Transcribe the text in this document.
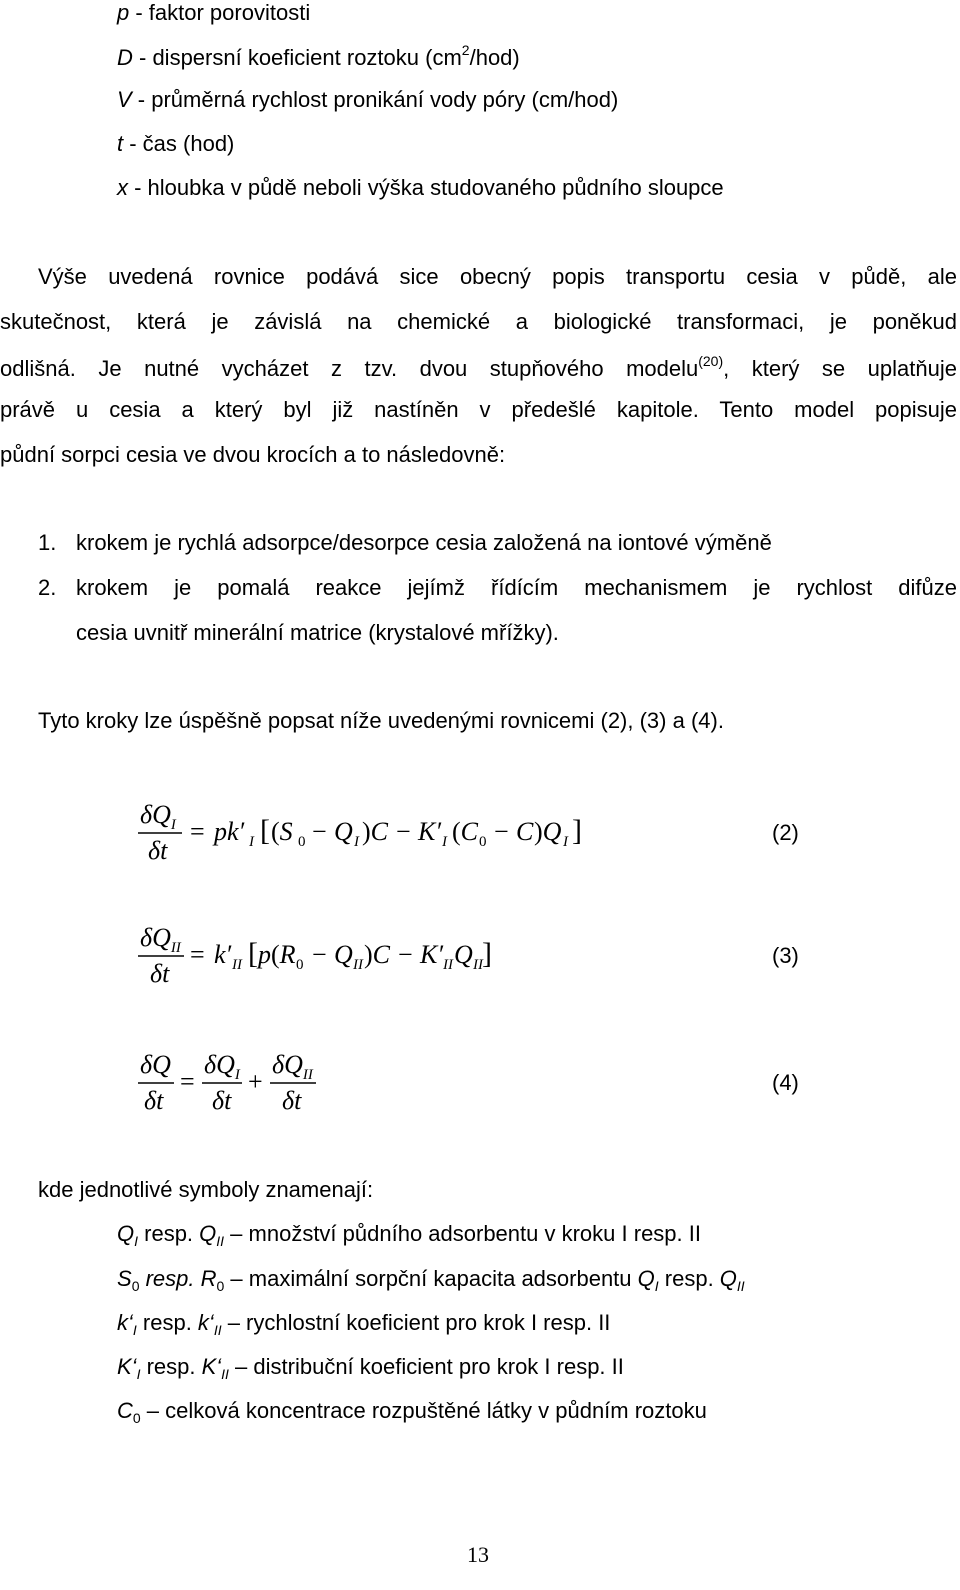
p - faktor porovitosti
D - dispersní koeficient roztoku $(cm^2/hod)$
V - průměrná rychlost pronikání vody póry (cm/hod)
t - čas (hod)
x - hloubka v půdě neboli výška studovaného půdního sloupce
Výše uvedená rovnice podává sice obecný popis transportu cesia v půdě, ale
skutečnost, která je závislá na chemické a biologické transformaci, je poněkud
odlišná. Je nutné vycházet z tzv. dvou stupňového modelu$^{(20)}$, který se uplatňuje
právě u cesia a který byl již nastíněn v předešlé kapitole. Tento model popisuje
půdní sorpci cesia ve dvou krocích a to následovně:
1. krokem je rychlá adsorpce/desorpce cesia založená na iontové výměně
2. krokem je pomalá reakce jejímž řídícím mechanismem je rychlost difůze
cesia uvnitř minerální matrice (krystalové mřížky).
Tyto kroky lze úspěšně popsat níže uvedenými rovnicemi (2), (3) a (4).
$\delta Q_I$
δt
= pk′ I [ (S 0 − Q I )C − K′ I (C 0 − C )Q I ]	(2)
$\delta Q_{II}$
δt
= k′ II [ p(R 0 − Q II )C − K′ II Q II ]	(3)
δQ
δt
=
$\delta Q_I$
δt
+
$\delta Q_{II}$
δt
(4)
kde jednotlivé symboly znamenají:
$Q_I$ resp. $Q_{II}$ – množství půdního adsorbentu v kroku I resp. II
$S_0$ resp. $R_0$ – maximální sorpční kapacita adsorbentu $Q_I$ resp. $Q_{II}$
$k‘_I$ resp. $k‘_{II}$ – rychlostní koeficient pro krok I resp. II
$K‘_I$ resp. $K‘_{II}$ – distribuční koeficient pro krok I resp. II
$C_0$ – celková koncentrace rozpuštěné látky v půdním roztoku
13
